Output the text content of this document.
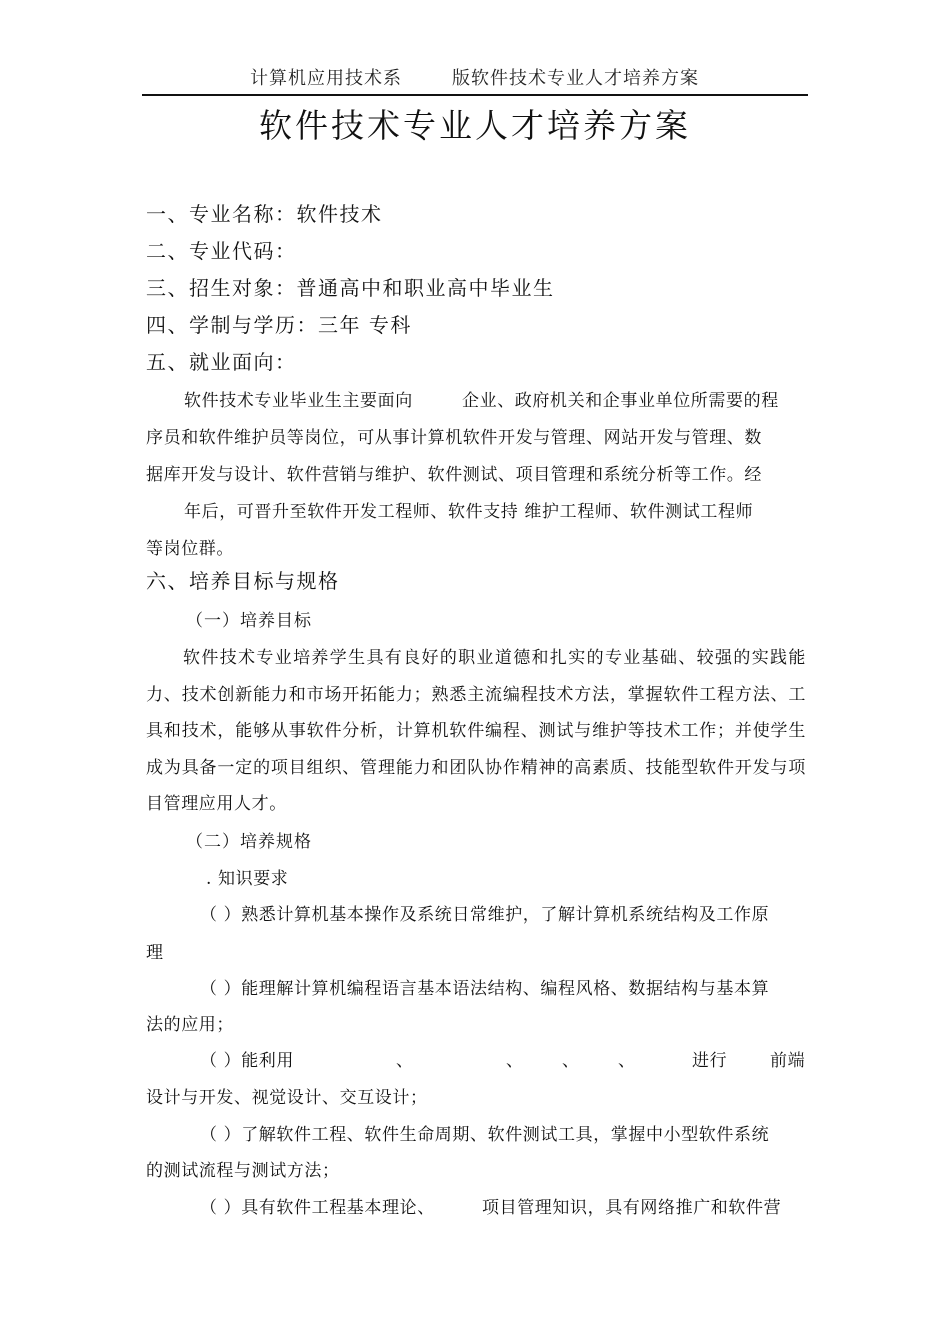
计算机应用技术系	版软件技术专业人才培养方案
软件技术专业人才培养方案
一、专业名称：软件技术
二、专业代码：
三、招生对象：普通高中和职业高中毕业生
四、学制与学历：三年 专科
五、就业面向：
软件技术专业毕业生主要面向	企业、政府机关和企事业单位所需要的程
序员和软件维护员等岗位，可从事计算机软件开发与管理、网站开发与管理、数
据库开发与设计、软件营销与维护、软件测试、项目管理和系统分析等工作。经
年后，可晋升至软件开发工程师、软件支持 维护工程师、软件测试工程师
等岗位群。
六、培养目标与规格
（一）培养目标
软件技术专业培养学生具有良好的职业道德和扎实的专业基础、较强的实践能力、技术创新能力和市场开拓能力；熟悉主流编程技术方法，掌握软件工程方法、工具和技术，能够从事软件分析，计算机软件编程、测试与维护等技术工作；并使学生成为具备一定的项目组织、管理能力和团队协作精神的高素质、技能型软件开发与项目管理应用人才。
（二）培养规格
. 知识要求
（ ）熟悉计算机基本操作及系统日常维护，了解计算机系统结构及工作原
理
（ ）能理解计算机编程语言基本语法结构、编程风格、数据结构与基本算
法的应用；
（ ）能利用	、	、 、 、	进行	前端
设计与开发、视觉设计、交互设计；
（ ）了解软件工程、软件生命周期、软件测试工具，掌握中小型软件系统
的测试流程与测试方法；
（ ）具有软件工程基本理论、	项目管理知识，具有网络推广和软件营
